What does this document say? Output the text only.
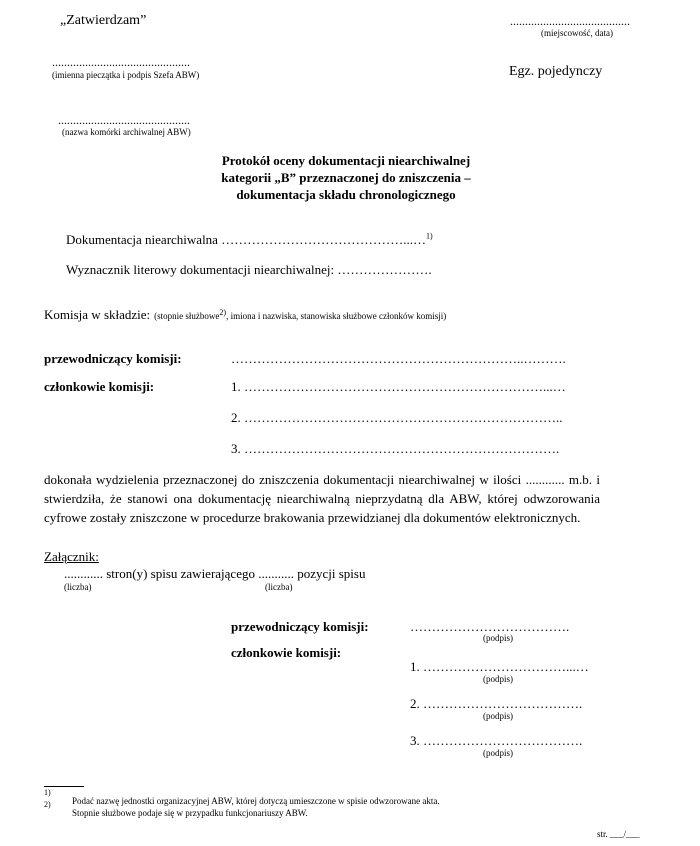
„Zatwierdzam”	........................................
(miejscowość, data)
..............................................
(imienna pieczątka i podpis Szefa ABW)	Egz. pojedynczy
............................................
(nazwa komórki archiwalnej ABW)
Protokół oceny dokumentacji niearchiwalnej
kategorii „B” przeznaczonej do zniszczenia –
dokumentacja składu chronologicznego
Dokumentacja niearchiwalna ……………………………………...…$^{1)}$
Wyznacznik literowy dokumentacji niearchiwalnej: ………………….
Komisja w składzie: (stopnie służbowe$^{2)}$, imiona i nazwiska, stanowiska służbowe członków komisji)
przewodniczący komisji:	…………………………………………………………..……….
członkowie komisji:	1. ……………………………………………………………...…
2. ………………………………………………………………..
3. ……………………………………………………………….
dokonała wydzielenia przeznaczonej do zniszczenia dokumentacji niearchiwalnej w ilości ............ m.b. i stwierdziła, że stanowi ona dokumentację niearchiwalną nieprzydatną dla ABW, której odwzorowania cyfrowe zostały zniszczone w procedurze brakowania przewidzianej dla dokumentów elektronicznych.
Załącznik:
............ stron(y) spisu zawierającego ........... pozycji spisu
(liczba)	(liczba)
przewodniczący komisji:	……………………………….
(podpis)
członkowie komisji:
1. ……………………………...…
(podpis)
2. ……………………………….
(podpis)
3. ……………………………….
(podpis)
$^{1)}$
Podać nazwę jednostki organizacyjnej ABW, której dotyczą umieszczone w spisie odwzorowane akta.
$^{2)}$
Stopnie służbowe podaje się w przypadku funkcjonariuszy ABW.
str. ___/___
